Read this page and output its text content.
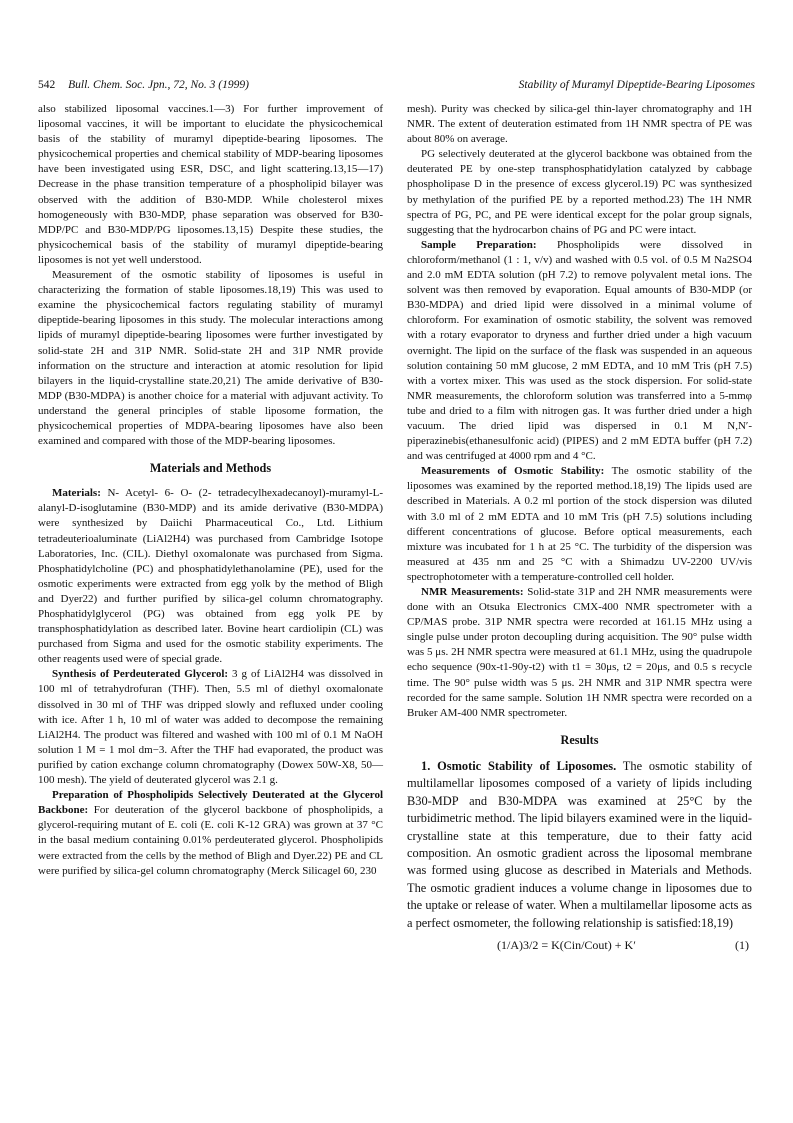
542 Bull. Chem. Soc. Jpn., 72, No. 3 (1999)	Stability of Muramyl Dipeptide-Bearing Liposomes

also stabilized liposomal vaccines.1—3) For further improvement of liposomal vaccines, it will be important to elucidate the physicochemical basis of the stability of muramyl dipeptide-bearing liposomes. The physicochemical properties and chemical stability of MDP-bearing liposomes have been investigated using ESR, DSC, and light scattering.13,15—17) Decrease in the phase transition temperature of a phospholipid bilayer was observed with the addition of B30-MDP. While cholesterol mixes homogeneously with B30-MDP, phase separation was observed for B30-MDP/PC and B30-MDP/PG liposomes.13,15) Despite these studies, the physicochemical basis of the stability of muramyl dipeptide-bearing liposomes is not yet well understood.

Measurement of the osmotic stability of liposomes is useful in characterizing the formation of stable liposomes.18,19) This was used to examine the physicochemical factors regulating stability of muramyl dipeptide-bearing liposomes in this study. The molecular interactions among lipids of muramyl dipeptide-bearing liposomes were further investigated by solid-state 2H and 31P NMR. Solid-state 2H and 31P NMR provide information on the structure and interaction at atomic resolution for lipid bilayers in the liquid-crystalline state.20,21) The amide derivative of B30-MDP (B30-MDPA) is another choice for a material with adjuvant activity. To understand the general principles of stable liposome formation, the physicochemical properties of MDPA-bearing liposomes have also been examined and compared with those of the MDP-bearing liposomes.

Materials and Methods

Materials: N- Acetyl- 6- O- (2- tetradecylhexadecanoyl)-muramyl-L-alanyl-D-isoglutamine (B30-MDP) and its amide derivative (B30-MDPA) were synthesized by Daiichi Pharmaceutical Co., Ltd. Lithium tetradeuterioaluminate (LiAl2H4) was purchased from Cambridge Isotope Laboratories, Inc. (CIL). Diethyl oxomalonate was purchased from Sigma. Phosphatidylcholine (PC) and phosphatidylethanolamine (PE), used for the osmotic experiments were extracted from egg yolk by the method of Bligh and Dyer22) and further purified by silica-gel column chromatography. Phosphatidylglycerol (PG) was obtained from egg yolk PE by transphosphatidylation as described later. Bovine heart cardiolipin (CL) was purchased from Sigma and used for the osmotic stability experiments. The other reagents used were of special grade.

Synthesis of Perdeuterated Glycerol: 3 g of LiAl2H4 was dissolved in 100 ml of tetrahydrofuran (THF). Then, 5.5 ml of diethyl oxomalonate dissolved in 30 ml of THF was dripped slowly and refluxed under cooling with ice. After 1 h, 10 ml of water was added to decompose the remaining LiAl2H4. The product was filtered and washed with 100 ml of 0.1 M NaOH solution 1 M = 1 mol dm−3. After the THF had evaporated, the product was purified by cation exchange column chromatography (Dowex 50W-X8, 50—100 mesh). The yield of deuterated glycerol was 2.1 g.

Preparation of Phospholipids Selectively Deuterated at the Glycerol Backbone: For deuteration of the glycerol backbone of phospholipids, a glycerol-requiring mutant of E. coli (E. coli K-12 GRA) was grown at 37 °C in the basal medium containing 0.01% perdeuterated glycerol. Phospholipids were extracted from the cells by the method of Bligh and Dyer.22) PE and CL were purified by silica-gel column chromatography (Merck Silicagel 60, 230

mesh). Purity was checked by silica-gel thin-layer chromatography and 1H NMR. The extent of deuteration estimated from 1H NMR spectra of PE was about 80% on average.

PG selectively deuterated at the glycerol backbone was obtained from the deuterated PE by one-step transphosphatidylation catalyzed by cabbage phospholipase D in the presence of excess glycerol.19) PC was synthesized by methylation of the purified PE by a reported method.23) The 1H NMR spectra of PG, PC, and PE were identical except for the polar group signals, suggesting that the hydrocarbon chains of PG and PC were intact.

Sample Preparation: Phospholipids were dissolved in chloroform/methanol (1 : 1, v/v) and washed with 0.5 vol. of 0.5 M Na2SO4 and 2.0 mM EDTA solution (pH 7.2) to remove polyvalent metal ions. The solvent was then removed by evaporation. Equal amounts of B30-MDP (or B30-MDPA) and dried lipid were dissolved in a minimal volume of chloroform. For examination of osmotic stability, the solvent was removed with a rotary evaporator to dryness and further dried under a high vacuum overnight. The lipid on the surface of the flask was suspended in an aqueous solution containing 50 mM glucose, 2 mM EDTA, and 10 mM Tris (pH 7.5) with a vortex mixer. This was used as the stock dispersion. For solid-state NMR measurements, the chloroform solution was transferred into a 5-mmφ tube and dried to a film with nitrogen gas. It was further dried under a high vacuum. The dried lipid was dispersed in 0.1 M N,N′-piperazinebis(ethanesulfonic acid) (PIPES) and 2 mM EDTA buffer (pH 7.2) and was centrifuged at 4000 rpm and 4 °C.

Measurements of Osmotic Stability: The osmotic stability of the liposomes was examined by the reported method.18,19) The lipids used are described in Materials. A 0.2 ml portion of the stock dispersion was diluted with 3.0 ml of 2 mM EDTA and 10 mM Tris (pH 7.5) solutions including different concentrations of glucose. Before optical measurements, each mixture was incubated for 1 h at 25 °C. The turbidity of the dispersion was measured at 435 nm and 25 °C with a Shimadzu UV-2200 UV/vis spectrophotometer with a temperature-controlled cell holder.

NMR Measurements: Solid-state 31P and 2H NMR measurements were done with an Otsuka Electronics CMX-400 NMR spectrometer with a CP/MAS probe. 31P NMR spectra were recorded at 161.15 MHz using a single pulse under proton decoupling during acquisition. The 90° pulse width was 5 μs. 2H NMR spectra were measured at 61.1 MHz, using the quadrupole echo sequence (90x-t1-90y-t2) with t1 = 30μs, t2 = 20μs, and 0.5 s recycle time. The 90° pulse width was 5 μs. 2H NMR and 31P NMR spectra were recorded for the same sample. Solution 1H NMR spectra were recorded on a Bruker AM-400 NMR spectrometer.

Results

1. Osmotic Stability of Liposomes. The osmotic stability of multilamellar liposomes composed of a variety of lipids including B30-MDP and B30-MDPA was examined at 25°C by the turbidimetric method. The lipid bilayers examined were in the liquid-crystalline state at this temperature, due to their fatty acid composition. An osmotic gradient across the liposomal membrane was formed using glucose as described in Materials and Methods. The osmotic gradient induces a volume change in liposomes due to the uptake or release of water. When a multilamellar liposome acts as a perfect osmometer, the following relationship is satisfied:18,19)

(1/A)3/2 = K(Cin/Cout) + K′	(1)
